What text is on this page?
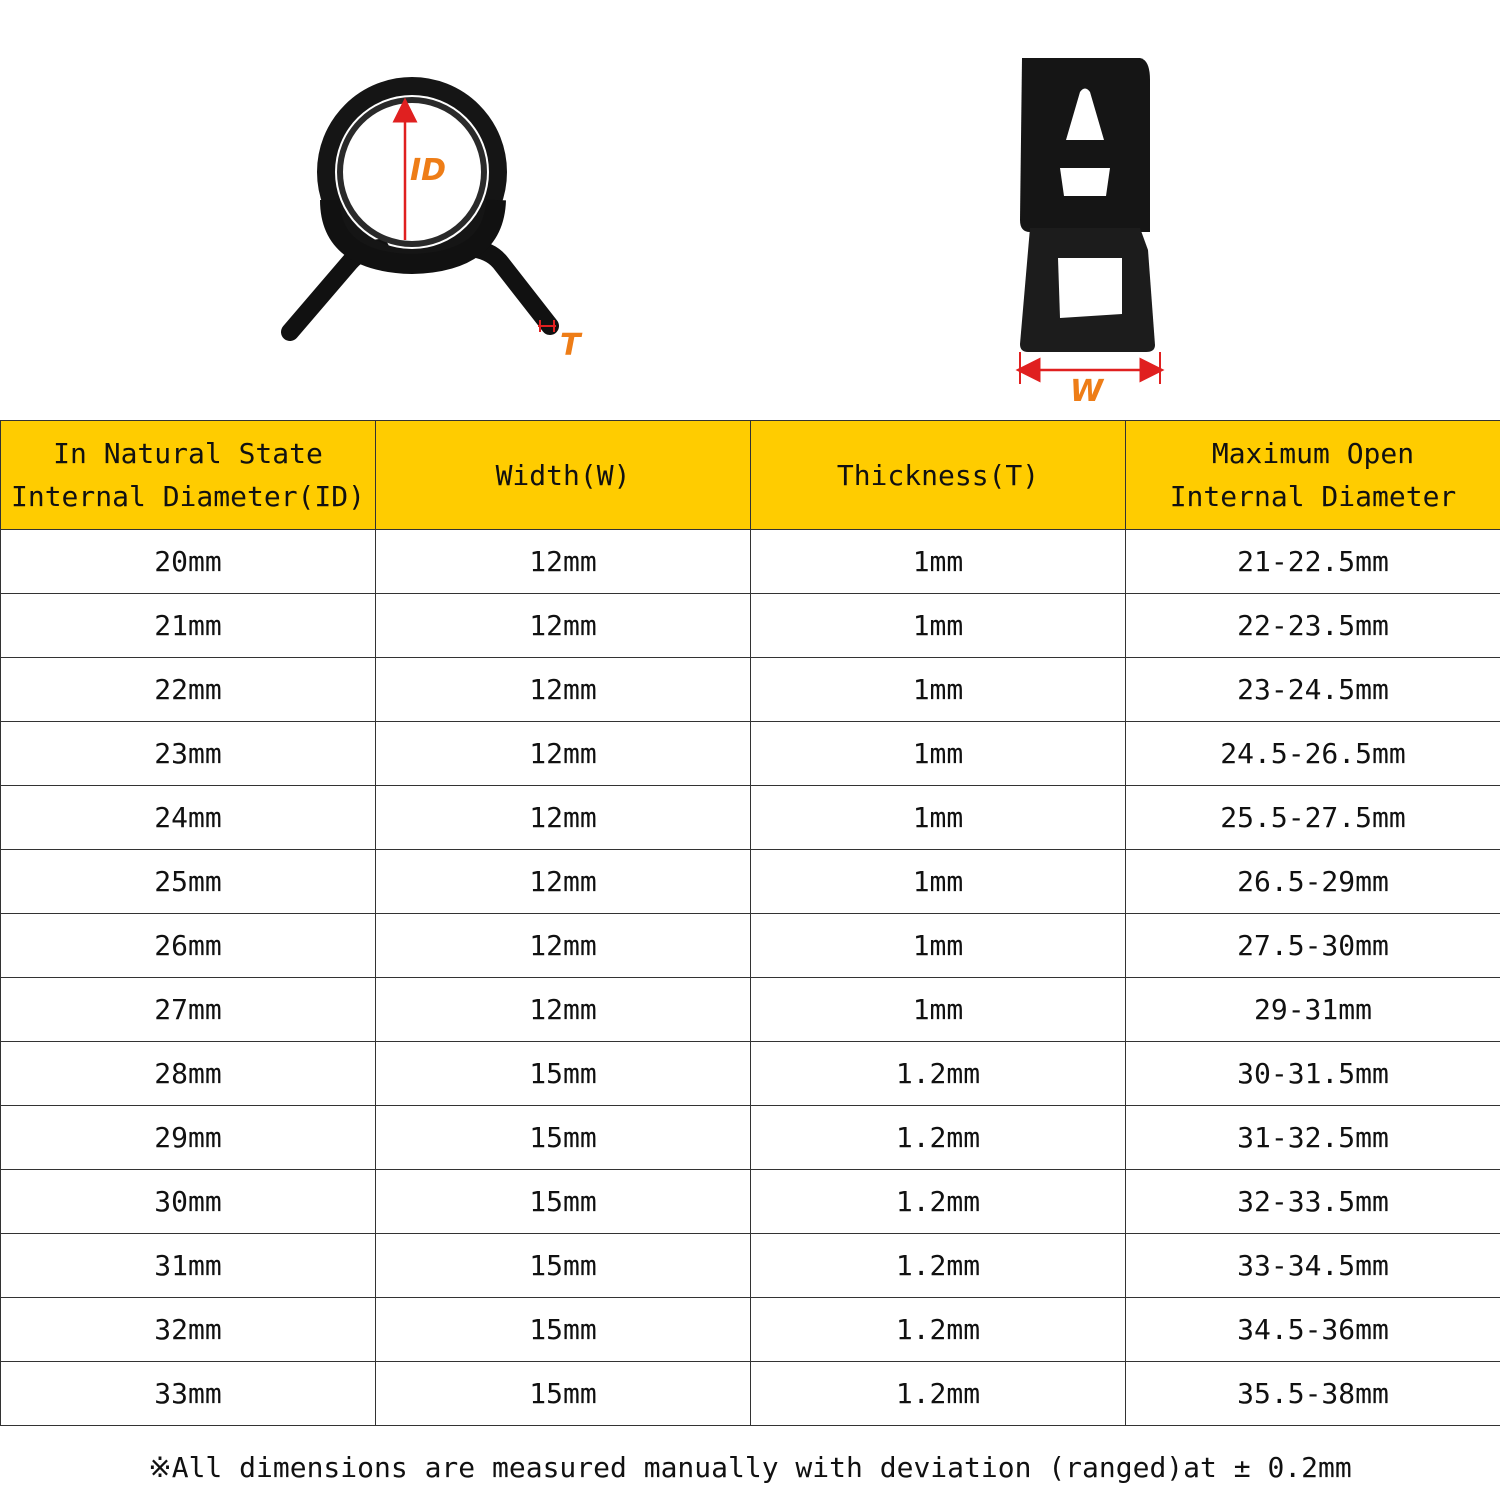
ID
T
W
In Natural State
Internal Diameter(ID)	Width(W)	Thickness(T)	Maximum Open
Internal Diameter
20mm	12mm	1mm	21-22.5mm
21mm	12mm	1mm	22-23.5mm
22mm	12mm	1mm	23-24.5mm
23mm	12mm	1mm	24.5-26.5mm
24mm	12mm	1mm	25.5-27.5mm
25mm	12mm	1mm	26.5-29mm
26mm	12mm	1mm	27.5-30mm
27mm	12mm	1mm	29-31mm
28mm	15mm	1.2mm	30-31.5mm
29mm	15mm	1.2mm	31-32.5mm
30mm	15mm	1.2mm	32-33.5mm
31mm	15mm	1.2mm	33-34.5mm
32mm	15mm	1.2mm	34.5-36mm
33mm	15mm	1.2mm	35.5-38mm
※All dimensions are measured manually with deviation (ranged)at ± 0.2mm
